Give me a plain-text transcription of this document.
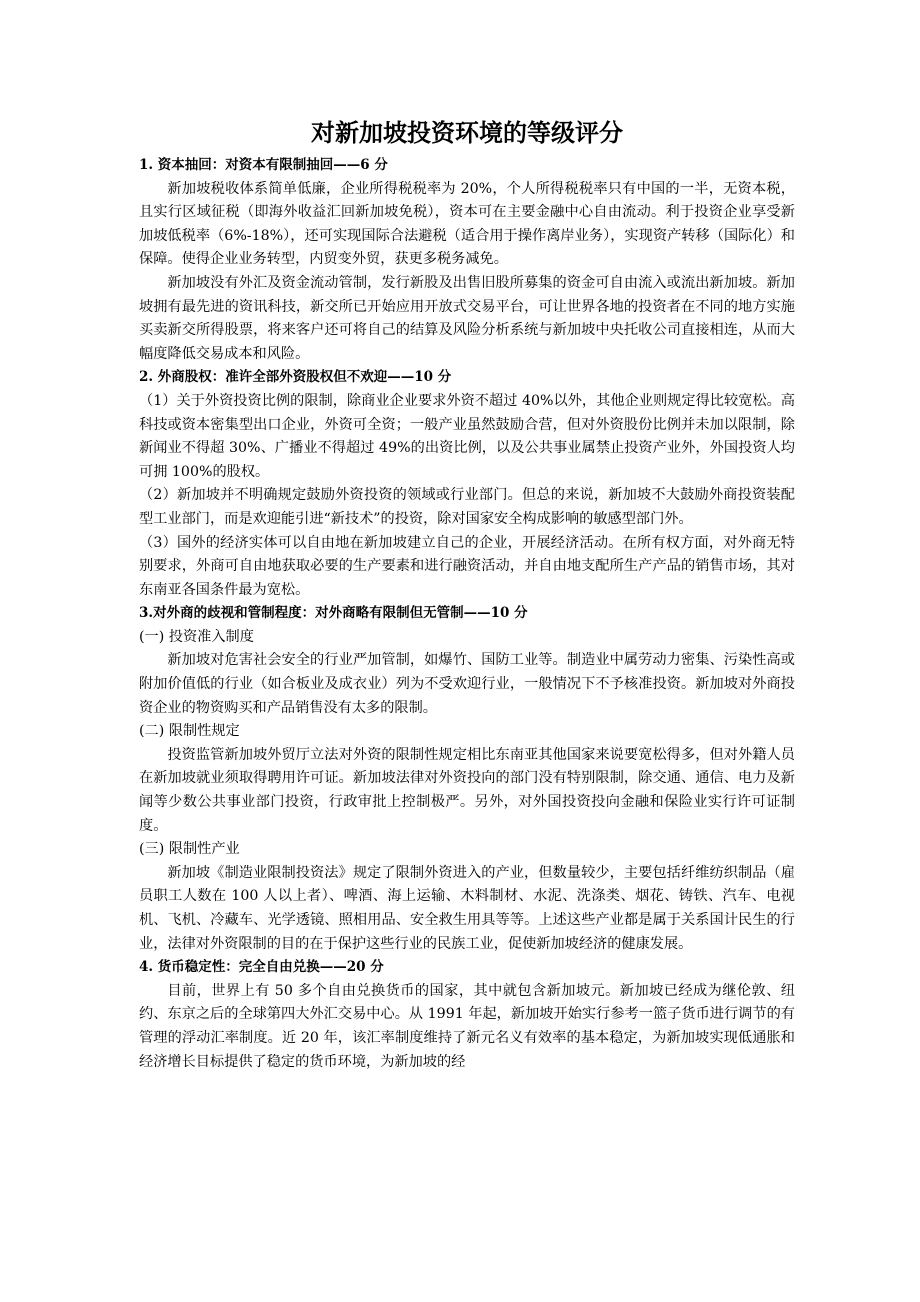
对新加坡投资环境的等级评分
1. 资本抽回：对资本有限制抽回——6 分

新加坡税收体系简单低廉，企业所得税税率为 20%，个人所得税税率只有中国的一半，无资本税，且实行区域征税（即海外收益汇回新加坡免税），资本可在主要金融中心自由流动。利于投资企业享受新加坡低税率（6%-18%），还可实现国际合法避税（适合用于操作离岸业务），实现资产转移（国际化）和保障。使得企业业务转型，内贸变外贸，获更多税务减免。

新加坡没有外汇及资金流动管制，发行新股及出售旧股所募集的资金可自由流入或流出新加坡。新加坡拥有最先进的资讯科技，新交所已开始应用开放式交易平台，可让世界各地的投资者在不同的地方实施买卖新交所得股票，将来客户还可将自己的结算及风险分析系统与新加坡中央托收公司直接相连，从而大幅度降低交易成本和风险。

2. 外商股权：准许全部外资股权但不欢迎——10 分

（1）关于外资投资比例的限制，除商业企业要求外资不超过 40%以外，其他企业则规定得比较宽松。高科技或资本密集型出口企业，外资可全资；一般产业虽然鼓励合营，但对外资股份比例并未加以限制，除新闻业不得超 30%、广播业不得超过 49%的出资比例，以及公共事业属禁止投资产业外，外国投资人均可拥 100%的股权。

（2）新加坡并不明确规定鼓励外资投资的领域或行业部门。但总的来说，新加坡不大鼓励外商投资装配型工业部门，而是欢迎能引进“新技术”的投资，除对国家安全构成影响的敏感型部门外。

（3）国外的经济实体可以自由地在新加坡建立自己的企业，开展经济活动。在所有权方面，对外商无特别要求，外商可自由地获取必要的生产要素和进行融资活动，并自由地支配所生产产品的销售市场，其对东南亚各国条件最为宽松。

3.对外商的歧视和管制程度：对外商略有限制但无管制——10 分

(一) 投资准入制度

新加坡对危害社会安全的行业严加管制，如爆竹、国防工业等。制造业中属劳动力密集、污染性高或附加价值低的行业（如合板业及成衣业）列为不受欢迎行业，一般情况下不予核准投资。新加坡对外商投资企业的物资购买和产品销售没有太多的限制。

(二) 限制性规定

投资监管新加坡外贸厅立法对外资的限制性规定相比东南亚其他国家来说要宽松得多，但对外籍人员在新加坡就业须取得聘用许可证。新加坡法律对外资投向的部门没有特别限制，除交通、通信、电力及新闻等少数公共事业部门投资，行政审批上控制极严。另外，对外国投资投向金融和保险业实行许可证制度。

(三) 限制性产业

新加坡《制造业限制投资法》规定了限制外资进入的产业，但数量较少，主要包括纤维纺织制品（雇员职工人数在 100 人以上者）、啤酒、海上运输、木料制材、水泥、洗涤类、烟花、铸铁、汽车、电视机、飞机、冷藏车、光学透镜、照相用品、安全救生用具等等。上述这些产业都是属于关系国计民生的行业，法律对外资限制的目的在于保护这些行业的民族工业，促使新加坡经济的健康发展。

4. 货币稳定性：完全自由兑换——20 分

目前，世界上有 50 多个自由兑换货币的国家，其中就包含新加坡元。新加坡已经成为继伦敦、纽约、东京之后的全球第四大外汇交易中心。从 1991 年起，新加坡开始实行参考一篮子货币进行调节的有管理的浮动汇率制度。近 20 年，该汇率制度维持了新元名义有效率的基本稳定，为新加坡实现低通胀和经济增长目标提供了稳定的货币环境，为新加坡的经
